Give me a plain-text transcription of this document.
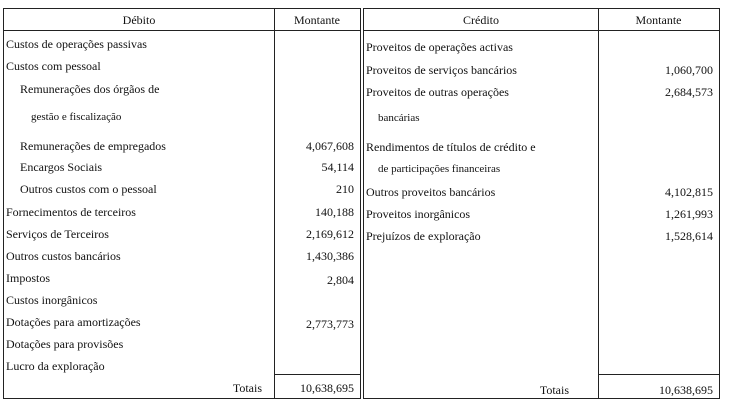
Débito	Montante
Custos de operações passivas
Custos com pessoal
Remunerações dos órgãos de
gestão e fiscalização
Remunerações de empregados	4,067,608
Encargos Sociais	54,114
Outros custos com o pessoal	210
Fornecimentos de terceiros	140,188
Serviços de Terceiros	2,169,612
Outros custos bancários	1,430,386
Impostos	2,804
Custos inorgânicos
Dotações para amortizações	2,773,773
Dotações para provisões
Lucro da exploração
Totais	10,638,695
Crédito	Montante
Proveitos de operações activas
Proveitos de serviços bancários	1,060,700
Proveitos de outras operações	2,684,573
bancárias
Rendimentos de títulos de crédito e
de participações financeiras
Outros proveitos bancários	4,102,815
Proveitos inorgânicos	1,261,993
Prejuízos de exploração	1,528,614
Totais	10,638,695
